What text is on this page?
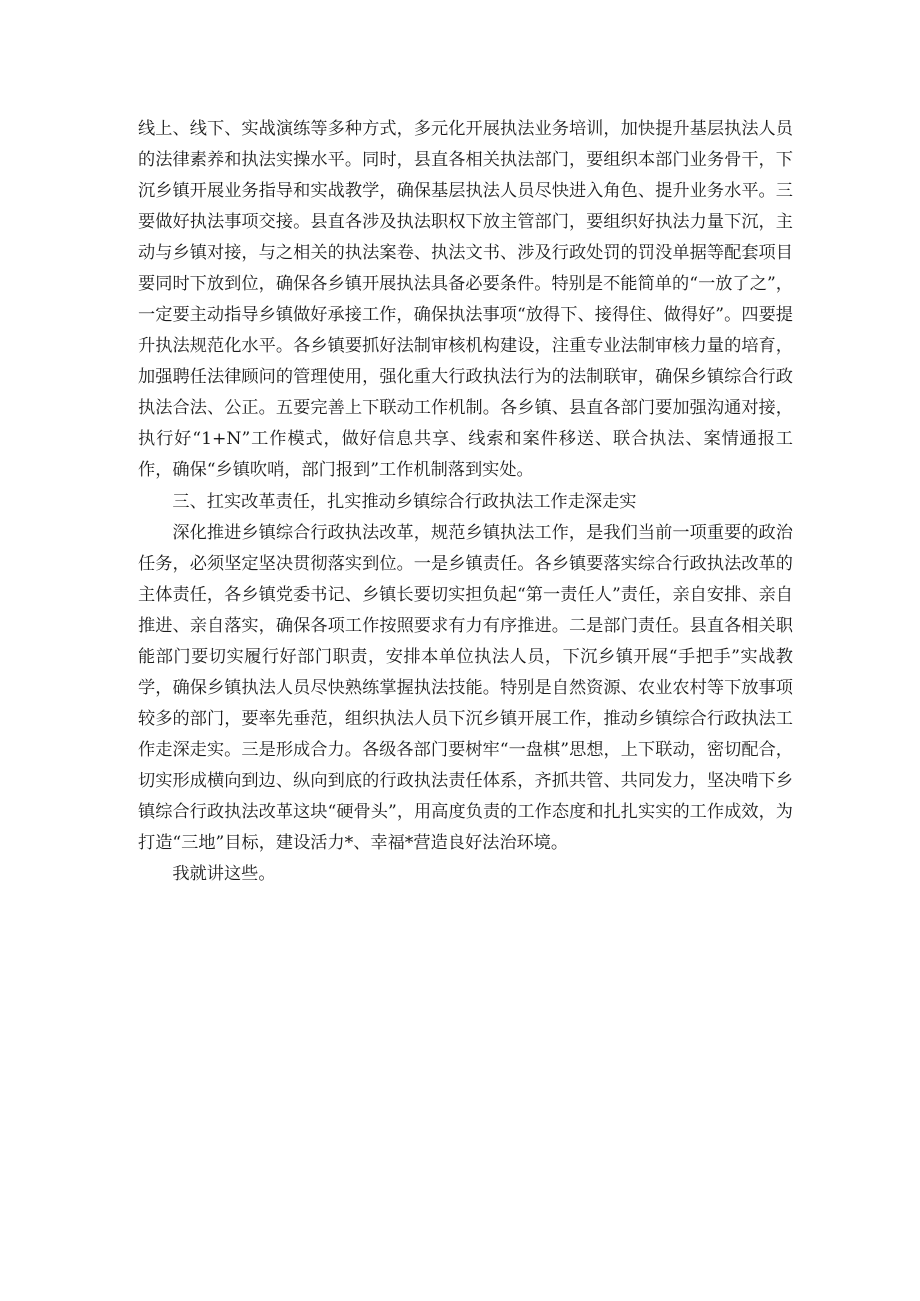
线上、线下、实战演练等多种方式，多元化开展执法业务培训，加快提升基层执法人员的法律素养和执法实操水平。同时，县直各相关执法部门，要组织本部门业务骨干，下沉乡镇开展业务指导和实战教学，确保基层执法人员尽快进入角色、提升业务水平。三要做好执法事项交接。县直各涉及执法职权下放主管部门，要组织好执法力量下沉，主动与乡镇对接，与之相关的执法案卷、执法文书、涉及行政处罚的罚没单据等配套项目要同时下放到位，确保各乡镇开展执法具备必要条件。特别是不能简单的“一放了之”，一定要主动指导乡镇做好承接工作，确保执法事项“放得下、接得住、做得好”。四要提升执法规范化水平。各乡镇要抓好法制审核机构建设，注重专业法制审核力量的培育，加强聘任法律顾问的管理使用，强化重大行政执法行为的法制联审，确保乡镇综合行政执法合法、公正。五要完善上下联动工作机制。各乡镇、县直各部门要加强沟通对接，执行好“1+N”工作模式，做好信息共享、线索和案件移送、联合执法、案情通报工作，确保“乡镇吹哨，部门报到”工作机制落到实处。

三、扛实改革责任，扎实推动乡镇综合行政执法工作走深走实

深化推进乡镇综合行政执法改革，规范乡镇执法工作，是我们当前一项重要的政治任务，必须坚定坚决贯彻落实到位。一是乡镇责任。各乡镇要落实综合行政执法改革的主体责任，各乡镇党委书记、乡镇长要切实担负起“第一责任人”责任，亲自安排、亲自推进、亲自落实，确保各项工作按照要求有力有序推进。二是部门责任。县直各相关职能部门要切实履行好部门职责，安排本单位执法人员，下沉乡镇开展“手把手”实战教学，确保乡镇执法人员尽快熟练掌握执法技能。特别是自然资源、农业农村等下放事项较多的部门，要率先垂范，组织执法人员下沉乡镇开展工作，推动乡镇综合行政执法工作走深走实。三是形成合力。各级各部门要树牢“一盘棋”思想，上下联动，密切配合，切实形成横向到边、纵向到底的行政执法责任体系，齐抓共管、共同发力，坚决啃下乡镇综合行政执法改革这块“硬骨头”，用高度负责的工作态度和扎扎实实的工作成效，为打造“三地”目标，建设活力*、幸福*营造良好法治环境。

我就讲这些。
